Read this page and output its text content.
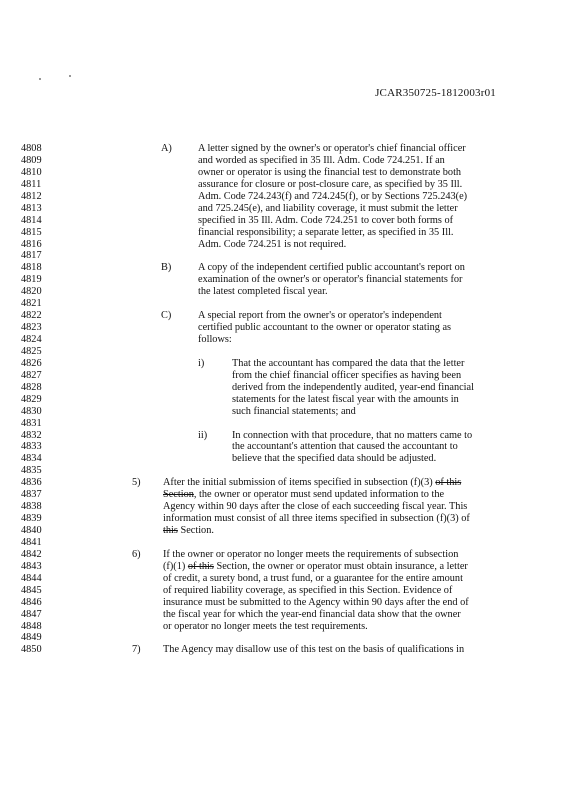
JCAR350725-1812003r01
4808
4809
4810
4811
4812
4813
4814
4815
4816
4817
4818
4819
4820
4821
4822
4823
4824
4825
4826
4827
4828
4829
4830
4831
4832
4833
4834
4835
4836
4837
4838
4839
4840
4841
4842
4843
4844
4845
4846
4847
4848
4849
4850
A)	A letter signed by the owner's or operator's chief financial officer
and worded as specified in 35 Ill. Adm. Code 724.251. If an
owner or operator is using the financial test to demonstrate both
assurance for closure or post-closure care, as specified by 35 Ill.
Adm. Code 724.243(f) and 724.245(f), or by Sections 725.243(e)
and 725.245(e), and liability coverage, it must submit the letter
specified in 35 Ill. Adm. Code 724.251 to cover both forms of
financial responsibility; a separate letter, as specified in 35 Ill.
Adm. Code 724.251 is not required.
B)	A copy of the independent certified public accountant's report on
examination of the owner's or operator's financial statements for
the latest completed fiscal year.
C)	A special report from the owner's or operator's independent
certified public accountant to the owner or operator stating as
follows:
i)	That the accountant has compared the data that the letter
from the chief financial officer specifies as having been
derived from the independently audited, year-end financial
statements for the latest fiscal year with the amounts in
such financial statements; and
ii) In connection with that procedure, that no matters came to
the accountant's attention that caused the accountant to
believe that the specified data should be adjusted.
5) After the initial submission of items specified in subsection (f)(3) of this
Section, the owner or operator must send updated information to the
Agency within 90 days after the close of each succeeding fiscal year. This
information must consist of all three items specified in subsection (f)(3) of
this Section.
6) If the owner or operator no longer meets the requirements of subsection
(f)(1) of this Section, the owner or operator must obtain insurance, a letter
of credit, a surety bond, a trust fund, or a guarantee for the entire amount
of required liability coverage, as specified in this Section. Evidence of
insurance must be submitted to the Agency within 90 days after the end of
the fiscal year for which the year-end financial data show that the owner
or operator no longer meets the test requirements.
7) The Agency may disallow use of this test on the basis of qualifications in
